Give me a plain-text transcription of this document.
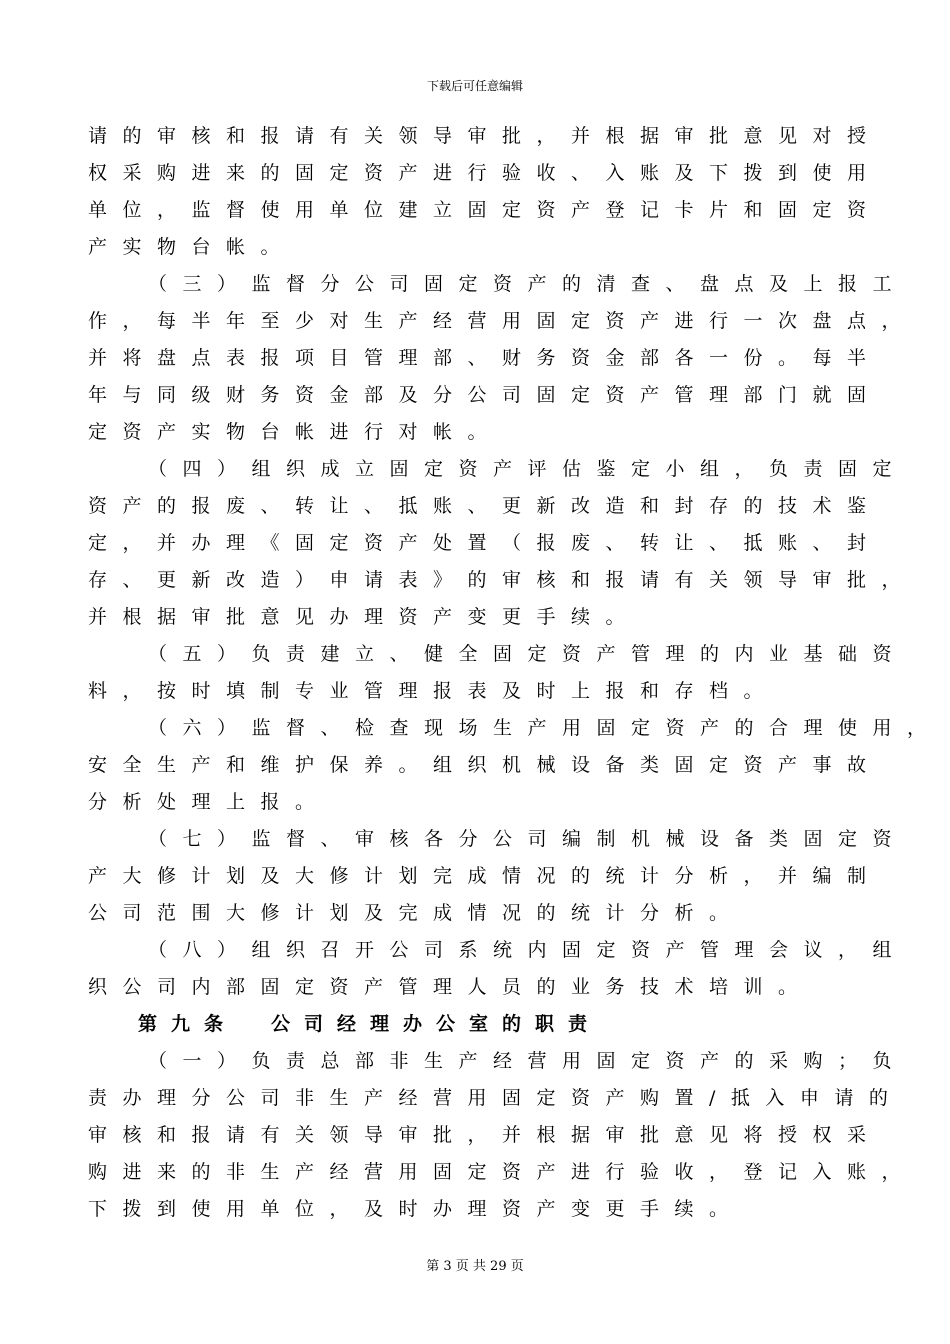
下载后可任意编辑
请的审核和报请有关领导审批，并根据审批意见对授
权采购进来的固定资产进行验收、入账及下拨到使用
单位，监督使用单位建立固定资产登记卡片和固定资
产实物台帐。
（三）监督分公司固定资产的清查、盘点及上报工
作，每半年至少对生产经营用固定资产进行一次盘点，
并将盘点表报项目管理部、财务资金部各一份。每半
年与同级财务资金部及分公司固定资产管理部门就固
定资产实物台帐进行对帐。
（四）组织成立固定资产评估鉴定小组，负责固定
资产的报废、转让、抵账、更新改造和封存的技术鉴
定，并办理《固定资产处置（报废、转让、抵账、封
存、更新改造）申请表》的审核和报请有关领导审批，
并根据审批意见办理资产变更手续。
（五）负责建立、健全固定资产管理的内业基础资
料，按时填制专业管理报表及时上报和存档。
（六）监督、检查现场生产用固定资产的合理使用，
安全生产和维护保养。组织机械设备类固定资产事故
分析处理上报。
（七）监督、审核各分公司编制机械设备类固定资
产大修计划及大修计划完成情况的统计分析，并编制
公司范围大修计划及完成情况的统计分析。
（八）组织召开公司系统内固定资产管理会议，组
织公司内部固定资产管理人员的业务技术培训。
第九条 公司经理办公室的职责
（一）负责总部非生产经营用固定资产的采购；负
责办理分公司非生产经营用固定资产购置/抵入申请的
审核和报请有关领导审批，并根据审批意见将授权采
购进来的非生产经营用固定资产进行验收，登记入账，
下拨到使用单位，及时办理资产变更手续。
第 3 页 共 29 页
